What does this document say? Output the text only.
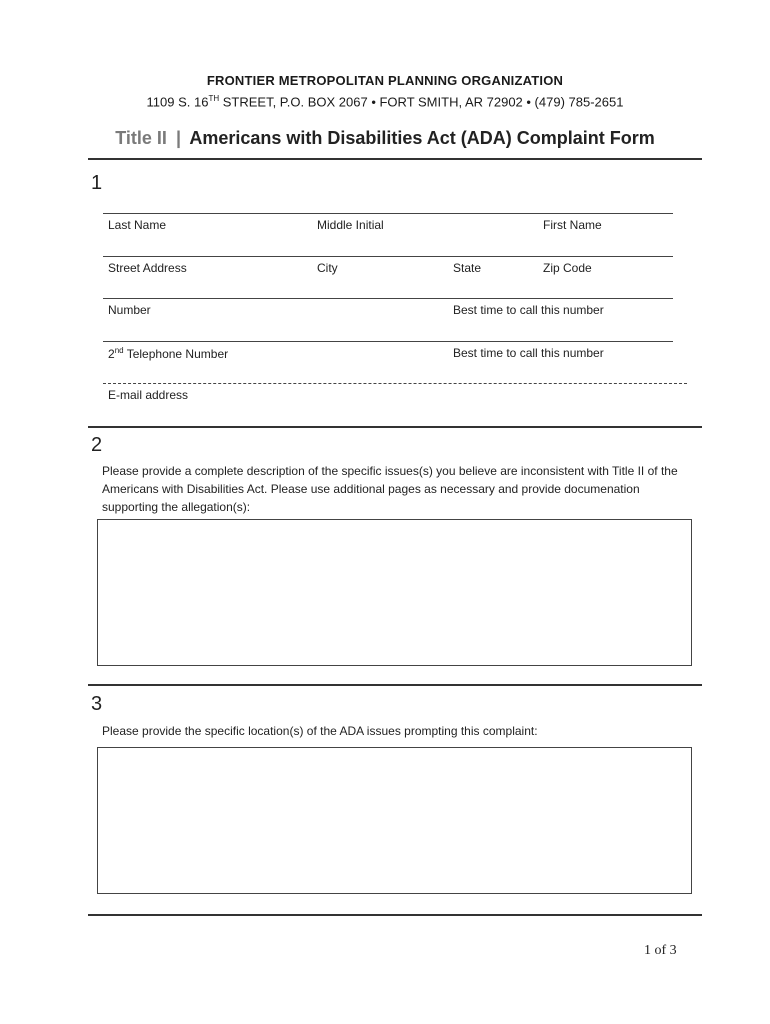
FRONTIER METROPOLITAN PLANNING ORGANIZATION
1109 S. 16TH STREET, P.O. BOX 2067 • FORT SMITH, AR 72902 • (479) 785-2651
Title II | Americans with Disabilities Act (ADA) Complaint Form
1
Last Name	Middle Initial	First Name
Street Address	City	State	Zip Code
Number	Best time to call this number
2nd Telephone Number	Best time to call this number
E-mail address
2
Please provide a complete description of the specific issues(s) you believe are inconsistent with Title II of the Americans with Disabilities Act. Please use additional pages as necessary and provide documenation supporting the allegation(s):
3
Please provide the specific location(s) of the ADA issues prompting this complaint:
1 of 3
